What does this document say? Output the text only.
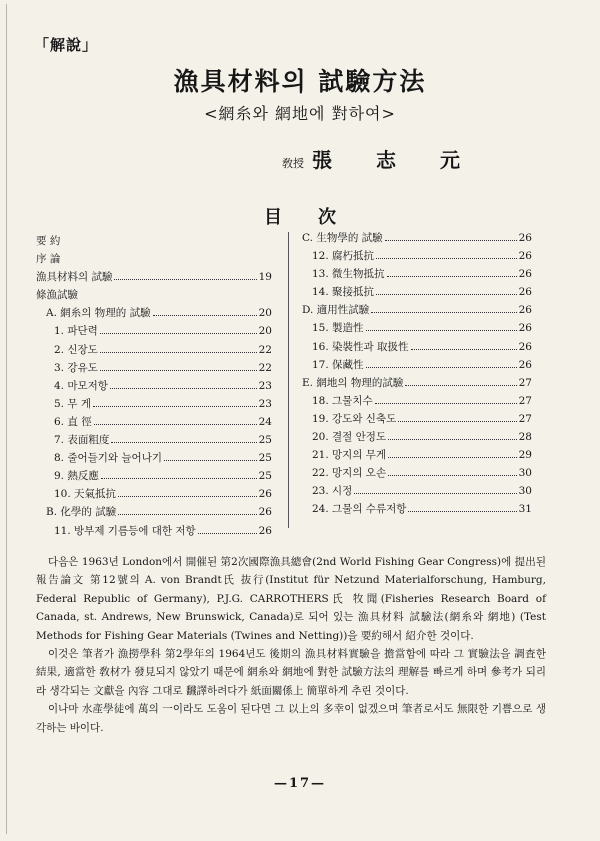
「解說」
漁具材料의 試驗方法
<網糸와 網地에 對하여>
敎授 張志元
目次
要 約
序 論
漁具材料의 試驗	19
條漁試驗
A. 網糸의 物理的 試驗	20
1. 파단력	20
2. 신장도	22
3. 강유도	22
4. 마모저항	23
5. 무 게	23
6. 直 徑	24
7. 表面粗度	25
8. 줄어들기와 늘어나기	25
9. 熱反應	25
10. 天氣抵抗	26
B. 化學的 試驗	26
11. 방부제 기름등에 대한 저항	26
C. 生物學的 試驗	26
12. 腐朽抵抗	26
13. 微生物抵抗	26
14. 聚接抵抗	26
D. 適用性試驗	26
15. 製造性	26
16. 染裝性과 取扱性	26
17. 保藏性	26
E. 網地의 物理的試驗	27
18. 그물치수	27
19. 강도와 신축도	27
20. 결절 안정도	28
21. 망지의 무게	29
22. 망지의 오손	30
23. 시정	30
24. 그물의 수류저항	31

다음은 1963년 London에서 開催된 第2次國際漁具總會(2nd World Fishing Gear Congress)에 提出된 報告論文 第12號의 A. von Brandt氏 抜行(Institut für Netzund Materialforschung, Hamburg, Federal Republic of Germany), P.J.G. CARROTHERS氏 牧聞(Fisheries Research Board of Canada, st. Andrews, New Brunswick, Canada)로 되어 있는 漁具材料 試驗法(網糸와 網地) (Test Methods for Fishing Gear Materials (Twines and Netting))을 要約해서 紹介한 것이다.

이것은 筆者가 漁撈學科 第2學年의 1964년도 後期의 漁具材料實驗을 擔當함에 따라 그 實驗法을 調査한 結果, 適當한 敎材가 發見되지 않았기 때문에 網糸와 網地에 對한 試驗方法의 理解를 빠르게 하며 參考가 되리라 생각되는 文獻을 內容 그대로 飜譯하려다가 紙面關係上 簡單하게 추린 것이다.

이나마 水產學徒에 萬의 一이라도 도움이 된다면 그 以上의 多幸이 없겠으며 筆者로서도 無限한 기쁨으로 생각하는 바이다.

—17—
